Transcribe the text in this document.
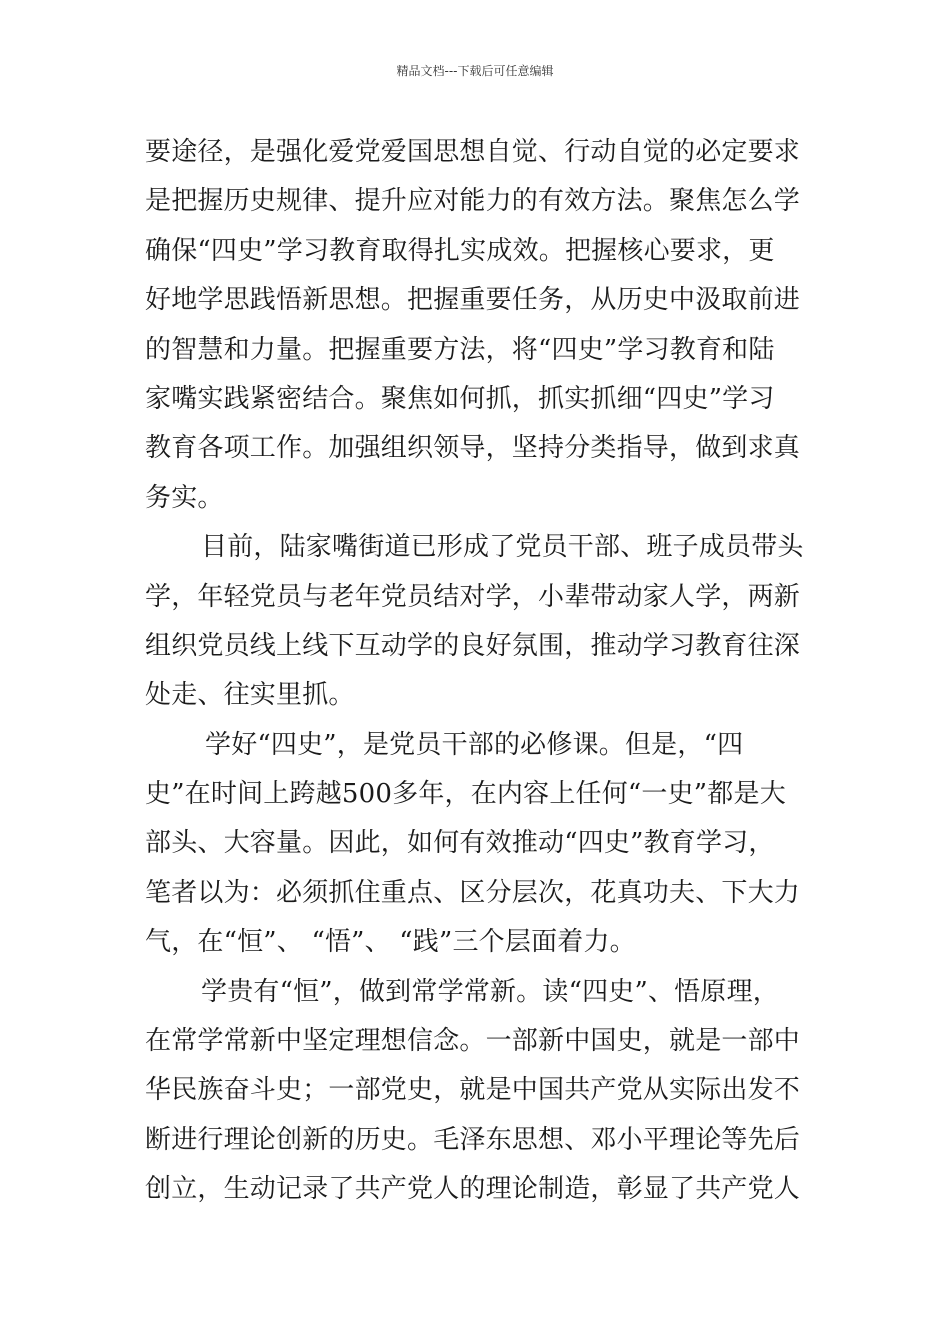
精品文档---下载后可任意编辑
要途径，是强化爱党爱国思想自觉、行动自觉的必定要求
是把握历史规律、提升应对能力的有效方法。聚焦怎么学
确保“四史”学习教育取得扎实成效。把握核心要求，更
好地学思践悟新思想。把握重要任务，从历史中汲取前进
的智慧和力量。把握重要方法，将“四史”学习教育和陆
家嘴实践紧密结合。聚焦如何抓，抓实抓细“四史”学习
教育各项工作。加强组织领导，坚持分类指导，做到求真
务实。
目前，陆家嘴街道已形成了党员干部、班子成员带头
学，年轻党员与老年党员结对学，小辈带动家人学，两新
组织党员线上线下互动学的良好氛围，推动学习教育往深
处走、往实里抓。
学好“四史”，是党员干部的必修课。但是，“四
史”在时间上跨越500多年，在内容上任何“一史”都是大
部头、大容量。因此，如何有效推动“四史”教育学习，
笔者以为：必须抓住重点、区分层次，花真功夫、下大力
气，在“恒”、 “悟”、 “践”三个层面着力。
学贵有“恒”，做到常学常新。读“四史”、悟原理，
在常学常新中坚定理想信念。一部新中国史，就是一部中
华民族奋斗史；一部党史，就是中国共产党从实际出发不
断进行理论创新的历史。毛泽东思想、邓小平理论等先后
创立，生动记录了共产党人的理论制造，彰显了共产党人
